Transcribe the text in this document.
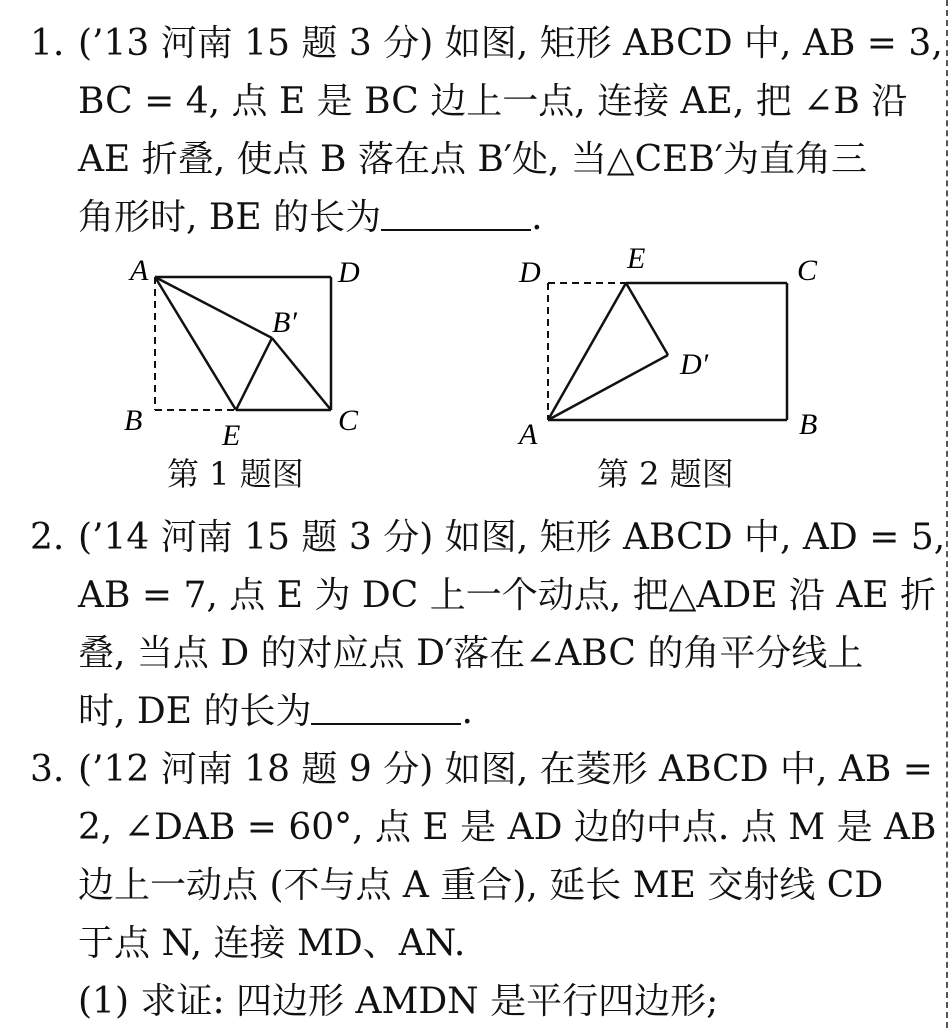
1. (’13 河南 15 题 3 分) 如图, 矩形 ABCD 中, AB = 3,
BC = 4, 点 E 是 BC 边上一点, 连接 AE, 把 ∠B 沿
AE 折叠, 使点 B 落在点 B′处, 当△CEB′为直角三
角形时, BE 的长为	.
A	D
C
B	E
B′
第 1 题图
D	E	C
B
A
D′
第 2 题图
2. (’14 河南 15 题 3 分) 如图, 矩形 ABCD 中, AD = 5,
AB = 7, 点 E 为 DC 上一个动点, 把△ADE 沿 AE 折
叠, 当点 D 的对应点 D′落在∠ABC 的角平分线上
时, DE 的长为	.
3. (’12 河南 18 题 9 分) 如图, 在菱形 ABCD 中, AB =
2, ∠DAB = 60°, 点 E 是 AD 边的中点. 点 M 是 AB
边上一动点 (不与点 A 重合), 延长 ME 交射线 CD
于点 N, 连接 MD、AN.
(1) 求证: 四边形 AMDN 是平行四边形;
